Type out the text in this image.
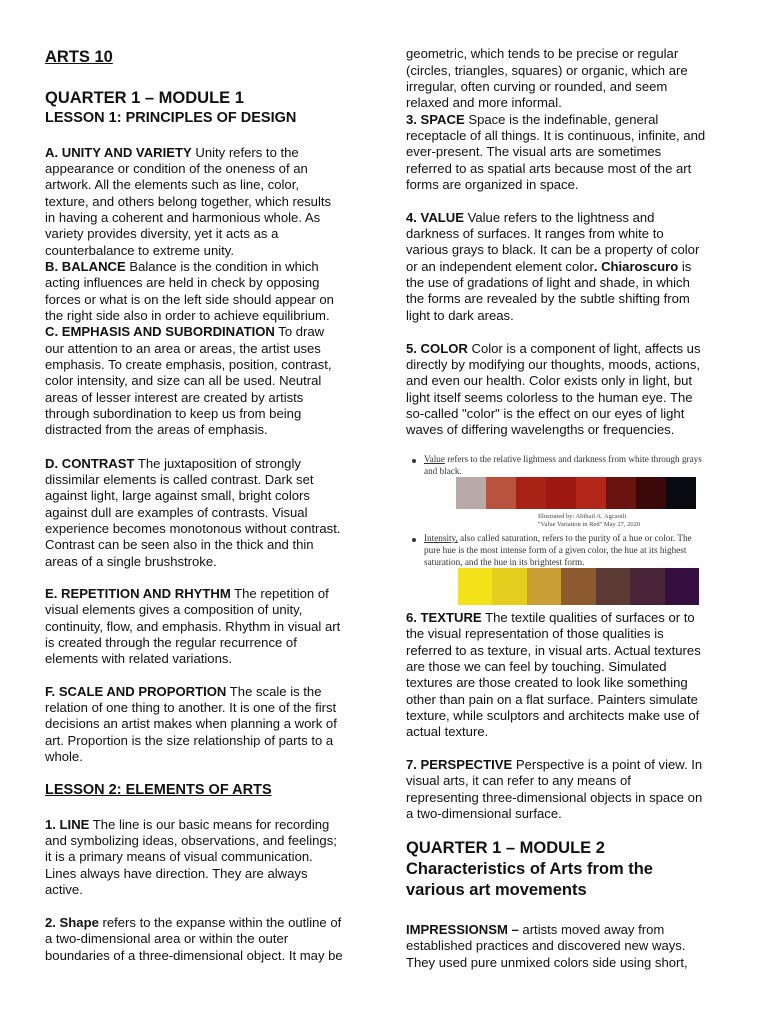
ARTS 10
QUARTER 1 – MODULE 1
LESSON 1: PRINCIPLES OF DESIGN
A. UNITY AND VARIETY Unity refers to the
appearance or condition of the oneness of an
artwork. All the elements such as line, color,
texture, and others belong together, which results
in having a coherent and harmonious whole. As
variety provides diversity, yet it acts as a
counterbalance to extreme unity.
B. BALANCE Balance is the condition in which
acting influences are held in check by opposing
forces or what is on the left side should appear on
the right side also in order to achieve equilibrium.
C. EMPHASIS AND SUBORDINATION To draw
our attention to an area or areas, the artist uses
emphasis. To create emphasis, position, contrast,
color intensity, and size can all be used. Neutral
areas of lesser interest are created by artists
through subordination to keep us from being
distracted from the areas of emphasis.
D. CONTRAST The juxtaposition of strongly
dissimilar elements is called contrast. Dark set
against light, large against small, bright colors
against dull are examples of contrasts. Visual
experience becomes monotonous without contrast.
Contrast can be seen also in the thick and thin
areas of a single brushstroke.
E. REPETITION AND RHYTHM The repetition of
visual elements gives a composition of unity,
continuity, flow, and emphasis. Rhythm in visual art
is created through the regular recurrence of
elements with related variations.
F. SCALE AND PROPORTION The scale is the
relation of one thing to another. It is one of the first
decisions an artist makes when planning a work of
art. Proportion is the size relationship of parts to a
whole.
LESSON 2: ELEMENTS OF ARTS
1. LINE The line is our basic means for recording
and symbolizing ideas, observations, and feelings;
it is a primary means of visual communication.
Lines always have direction. They are always
active.
2. Shape refers to the expanse within the outline of
a two-dimensional area or within the outer
boundaries of a three-dimensional object. It may be
geometric, which tends to be precise or regular
(circles, triangles, squares) or organic, which are
irregular, often curving or rounded, and seem
relaxed and more informal.
3. SPACE Space is the indefinable, general
receptacle of all things. It is continuous, infinite, and
ever-present. The visual arts are sometimes
referred to as spatial arts because most of the art
forms are organized in space.
4. VALUE Value refers to the lightness and
darkness of surfaces. It ranges from white to
various grays to black. It can be a property of color
or an independent element color. Chiaroscuro is
the use of gradations of light and shade, in which
the forms are revealed by the subtle shifting from
light to dark areas.
5. COLOR Color is a component of light, affects us
directly by modifying our thoughts, moods, actions,
and even our health. Color exists only in light, but
light itself seems colorless to the human eye. The
so-called "color" is the effect on our eyes of light
waves of differing wavelengths or frequencies.
6. TEXTURE The textile qualities of surfaces or to
the visual representation of those qualities is
referred to as texture, in visual arts. Actual textures
are those we can feel by touching. Simulated
textures are those created to look like something
other than pain on a flat surface. Painters simulate
texture, while sculptors and architects make use of
actual texture.
7. PERSPECTIVE Perspective is a point of view. In
visual arts, it can refer to any means of
representing three-dimensional objects in space on
a two-dimensional surface.
QUARTER 1 – MODULE 2
Characteristics of Arts from the
various art movements
IMPRESSIONSM – artists moved away from
established practices and discovered new ways.
They used pure unmixed colors side using short,
Value refers to the relative lightness and darkness from white through grays
and black.
Illustrated by: Abihail A. Agcaoili
"Value Variation in Red" May 27, 2020
Intensity, also called saturation, refers to the purity of a hue or color. The
pure hue is the most intense form of a given color, the hue at its highest
saturation, and the hue in its brightest form.
